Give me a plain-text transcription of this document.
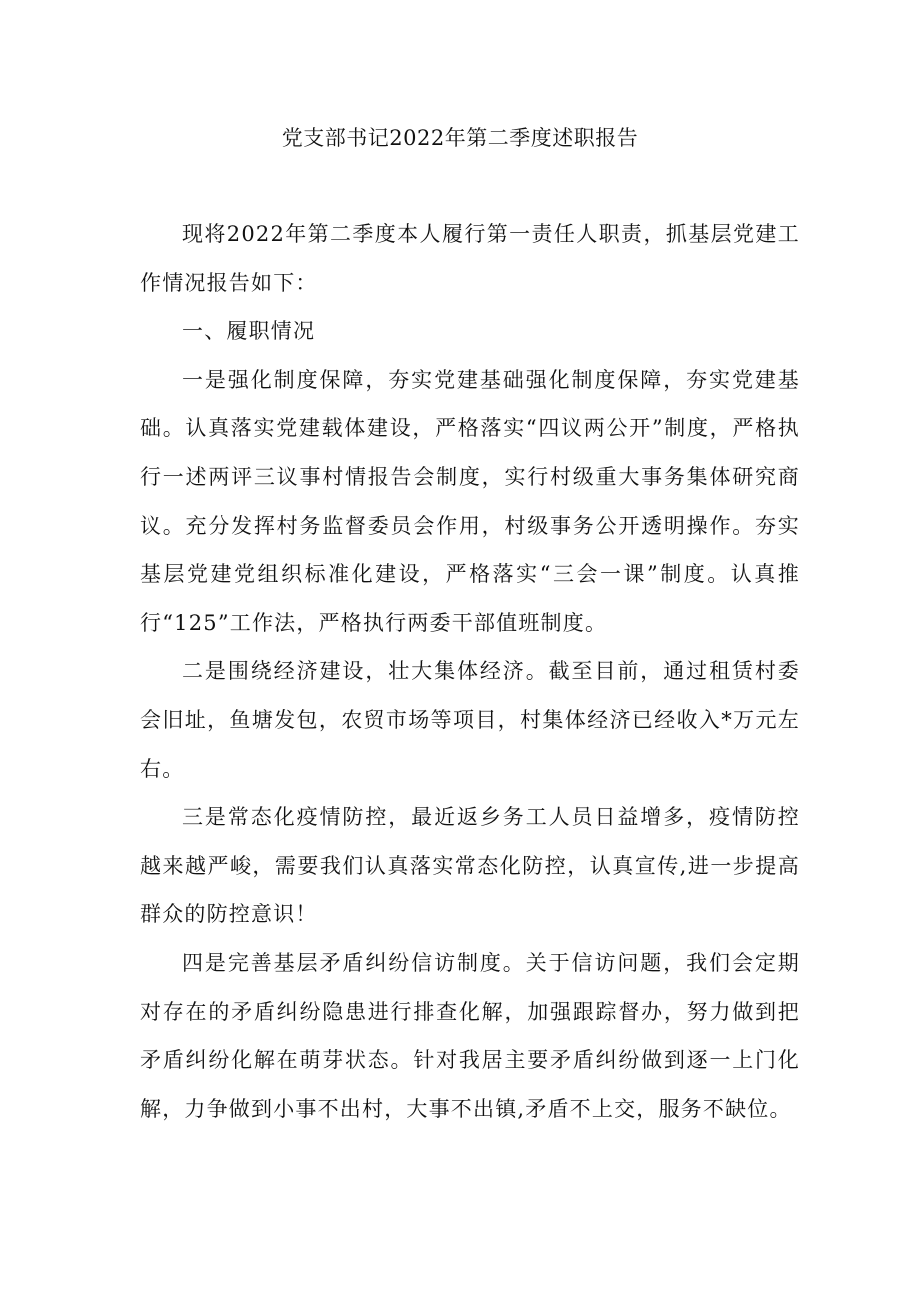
党支部书记2022年第二季度述职报告

现将2022年第二季度本人履行第一责任人职责，抓基层党建工作情况报告如下：

一、履职情况

一是强化制度保障，夯实党建基础强化制度保障，夯实党建基础。认真落实党建载体建设，严格落实“四议两公开”制度，严格执行一述两评三议事村情报告会制度，实行村级重大事务集体研究商议。充分发挥村务监督委员会作用，村级事务公开透明操作。夯实基层党建党组织标准化建设，严格落实“三会一课”制度。认真推行“125”工作法，严格执行两委干部值班制度。

二是围绕经济建设，壮大集体经济。截至目前，通过租赁村委会旧址，鱼塘发包，农贸市场等项目，村集体经济已经收入*万元左右。

三是常态化疫情防控，最近返乡务工人员日益增多，疫情防控越来越严峻，需要我们认真落实常态化防控，认真宣传,进一步提高群众的防控意识！

四是完善基层矛盾纠纷信访制度。关于信访问题，我们会定期对存在的矛盾纠纷隐患进行排查化解，加强跟踪督办，努力做到把矛盾纠纷化解在萌芽状态。针对我居主要矛盾纠纷做到逐一上门化解，力争做到小事不出村，大事不出镇,矛盾不上交，服务不缺位。
